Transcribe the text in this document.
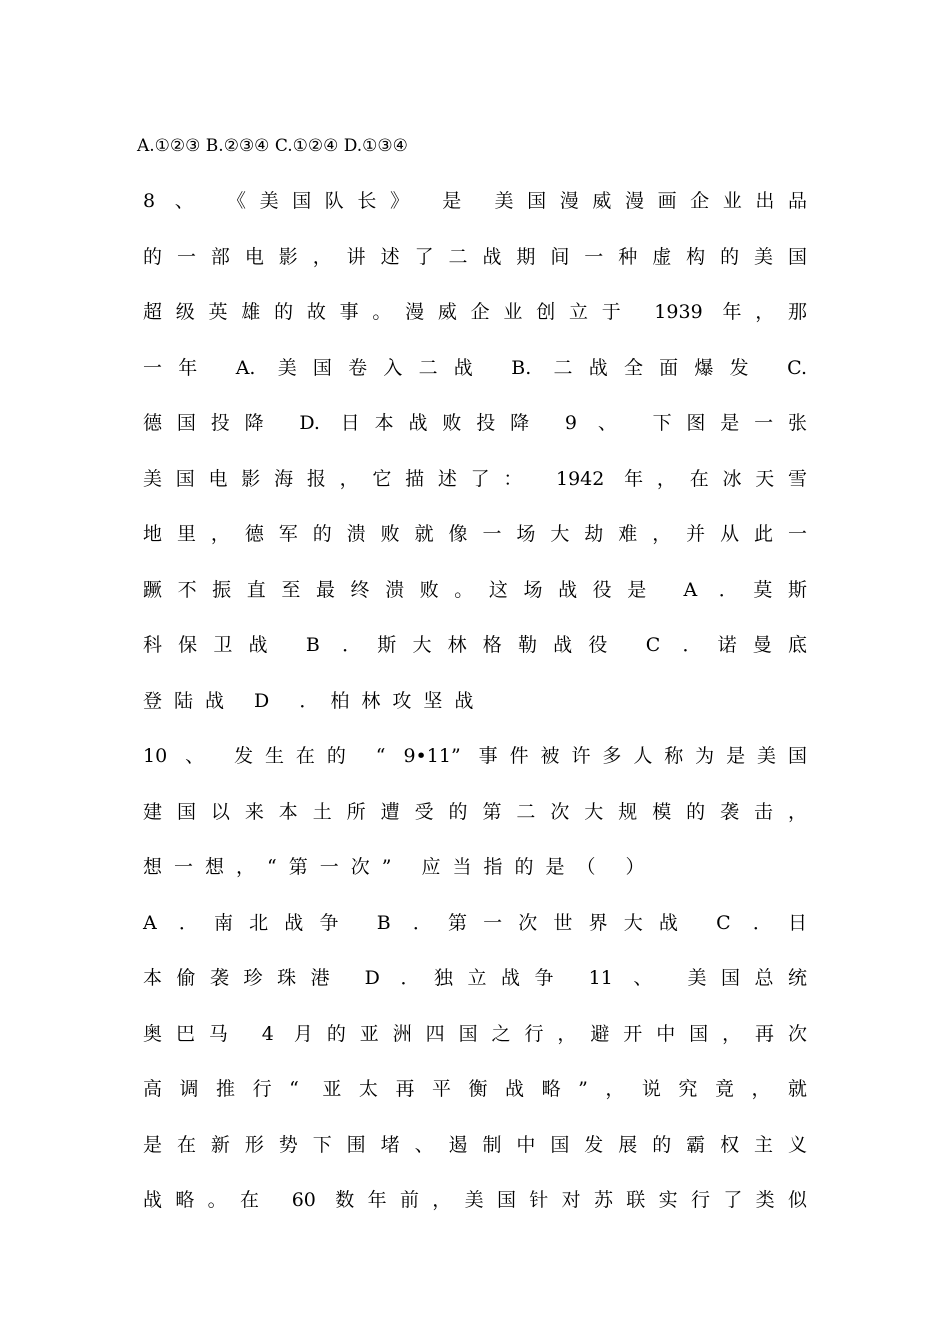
A.①②③ B.②③④ C.①②④ D.①③④
8 、 《美国队长》 是 美国漫威漫画企业出品
的一部电影，讲述了二战期间一种虚构的美国
超级英雄的故事。漫威企业创立于 1939 年，那
一年 A. 美国卷入二战 B. 二战全面爆发 C.
德国投降 D. 日本战败投降 9 、 下图是一张
美国电影海报，它描述了： 1942 年，在冰天雪
地里，德军的溃败就像一场大劫难，并从此一
蹶不振直至最终溃败。这场战役是 A ．莫斯
科保卫战 B ．斯大林格勒战役 C ．诺曼底
登陆战 D ．柏林攻坚战
10 、 发生在的 “ 9•11” 事件被许多人称为是美国
建国以来本土所遭受的第二次大规模的袭击，
想一想，“第一次” 应当指的是（ ）
A ．南北战争 B ．第一次世界大战 C ．日
本偷袭珍珠港 D ．独立战争 11 、 美国总统
奥巴马 4 月的亚洲四国之行，避开中国，再次
高调推行“ 亚太再平衡战略”，说究竟，就
是在新形势下围堵、遏制中国发展的霸权主义
战略。在 60 数年前，美国针对苏联实行了类似
